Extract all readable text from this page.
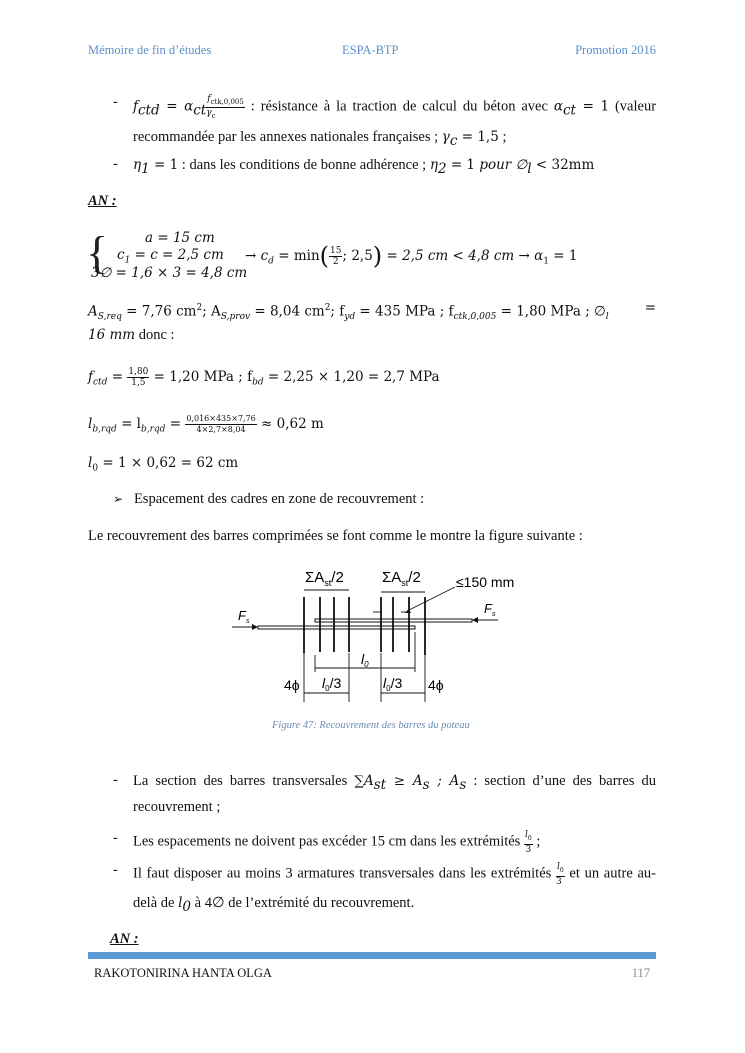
Mémoire de fin d’études	ESPA-BTP	Promotion 2016
- $f_{ctd} = \alpha_{ct} \frac{f_{ctk,0,005}}{\gamma_c}$ : résistance à la traction de calcul du béton avec $\alpha_{ct} = 1$ (valeur
recommandée par les annexes nationales françaises ; $\gamma_c = 1,5$ ;
- $\eta_1 = 1$ : dans les conditions de bonne adhérence ; $\eta_2 = 1$ pour $\emptyset_l < 32mm$
AN :
{	a = 15 cm
$c_1 = c = 2,5$ cm
3∅ = 1,6 × 3 = 4,8 cm
→ $c_d = \min( \frac{15}{2}$ ; 2,5) = 2,5 cm < 4,8 cm → $\alpha_1 = 1$
$A_{S,req} = 7,76$ $cm^2$; $A_{S,prov} = 8,04$ $cm^2$; $f_{yd} = 435$ MPa ; $f_{ctk,0,005} = 1,80$ MPa ; $\emptyset_l$
=
16 mm donc :
$f_{ctd} = \frac{1,80}{1,5} = 1,20$ MPa ; $f_{bd} = 2,25 \times 1,20 = 2,7$ MPa
$l_{b,rqd} = l_{b,rqd} = \frac{0,016\times 435\times 7,76}{4\times 2,7\times 8,04} \approx 0,62$ m
$l_0 = 1 \times 0,62 = 62$ cm
➢ Espacement des cadres en zone de recouvrement :
Le recouvrement des barres comprimées se font comme le montre la figure suivante :
$\Sigma A_{st}/2$	$\Sigma A_{st}/2$	≤150 mm
$F_s$
$F_s$
$l_0$
4ϕ $l_0/3$	$l_0/3$ 4ϕ
Figure 47: Recouvrement des barres du poteau
- La section des barres transversales $\sum A_{st} \ge A_s$ ; $A_s$ : section d’une des barres du
recouvrement ;
- Les espacements ne doivent pas excéder 15 cm dans les extrémités $\frac{l_0}{3}$ ;
- Il faut disposer au moins 3 armatures transversales dans les extrémités $\frac{l_0}{3}$ et un autre au-
delà de $l_0$ à 4∅ de l’extrémité du recouvrement.
AN :
RAKOTONIRINA HANTA OLGA	117
